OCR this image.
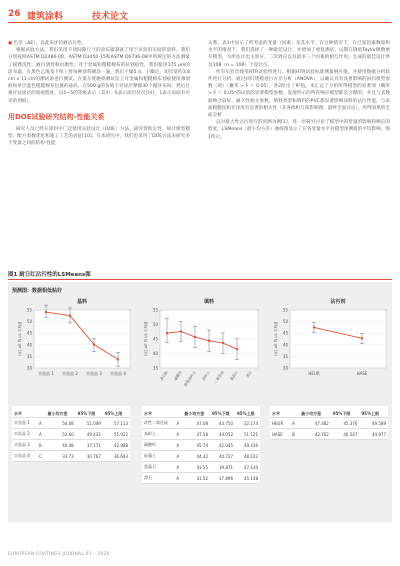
26 建筑涂料	技术论文

● 色差（ΔE），以此来评价耐沾污性。

根据试验方法，我们采用不同间隙尺寸的涂布器制备了用于试验的实验的涂料。我们分别按照ASTM D2486-00、ASTM D3450-15和ASTM D6736-08中所规定的方法测量了耐擦洗性、耐污渍性和抗磨性。对于金属和粗糙棉布的抗划痕性，我们使用175 μm的涂布器，在黑色乙烯基卡纸上将每种涂料刷涂一遍，然后干燥5 d。干燥后，切出宽约3.8 cm x 11 cm的测试条进行测试。在低车度磨损测试仪上对金属和粗糙棉布划痕使用薄划痕和单层蓝色粗糙棉布包裹的砝码，在500 g的负载下对涂层摩擦30个循环来回。然后目视评估涂层的划痕程度，以1~5的等级表示（其中，5表示涂层状况良好，1表示表面有可见的划痕）。

用DOE试验研究结构-性能关系

研究人员已经在涂料中广泛使用实验设计（DOE）方法。研究帮助定性、统计模型模型、配方参数优化和施工工艺的表征[10]。在本研究中，我们也采用了DOE方法来研究多个变量之间的结构-性能

关系。表1中显示了所考虑的变量（因素）及其水平。在这种情况下，在已知因素数量和水平的情况下，我们选择了一种最佳设计，并增加了重复测试，以期在降低Taylor级数展开模型，为所估计出主效应、二次效应以及最多三个因素的相互作用。生成的最佳设计涉及108（n = 108）个设计点。

所有实验均使用HTR试验机进行。根据HTR试验标准测量响应值，并使用数据分析软件进行分析。通过回归建模进行方差分析（ANOVA），以确认具有显著影响的回归模型参数（项）（概率 > F ＜ 0.05），各2阶出了R²值。本汇总了分析所得模型的显著项（概率 > F ＜ 0.05*的试验的显著模型参数。发现所示的所有响应模型都是合理的，并且与其数据吻合较好。耐久性相关参数、填料类型和填料的PVC都显著影响涂料的沾污性能，与表面粗糙度和光泽度有显著的相关性（其各组相互间影响图，最终全面讨论）。所得效果的全面分析

以对最大性沾污进行的预测为例[1]，进一步研究讨论了模型中的变量的影响和响应的程度。LSMeans（最小均方差）曲线图显示了在各变量水平对模型预测值的平均影响，图1所示。

图1 耐日红沾污性的LSMeans图
预测图：数据相低粘好
基料
30
35
40
45
50
55
日红 ΔE 的 LS 平均值
实验品 1 实验品 2 实验品 3 实验品 4
填料
35
40
45
50
55
日红 ΔE 的 LS 平均值
滑石粉 碳酸钙 煅烧高岭土 高岭土 二氧化硅 重晶石 滑石
沾污剂
30
35
40
45
50
55
日红 ΔE 的 LS 平均值
HEUR	HASE
水平		最小均方差	95%下限	95%上限
实验品 1	A	54.08	51.049	57.113
实验品 2	A	52.60	49.432	55.922
实验品 3	B	40.08	37.171	42.988
实验品 4	C	33.73	30.767	36.693
水平		最小均方差	95%下限	95%上限
改性二氧化硅	A	47.08	43.750	52.174
高岭土	A	47.58	44.052	51.121
碳酸钙	A	45.74	42.045	49.439
硅藻土	A	44.42	40.727	48.122
重晶石	A	43.55	39.871	47.130
滑石	A	41.52	37.896	45.148
水平		最小均方差	95%下限	95%上限
HEUR	A	47.482	45.376	49.589
HASE	B	42.762	40.547	44.977
EUROPEAN COATINGS JOURNAL 01 – 2020
